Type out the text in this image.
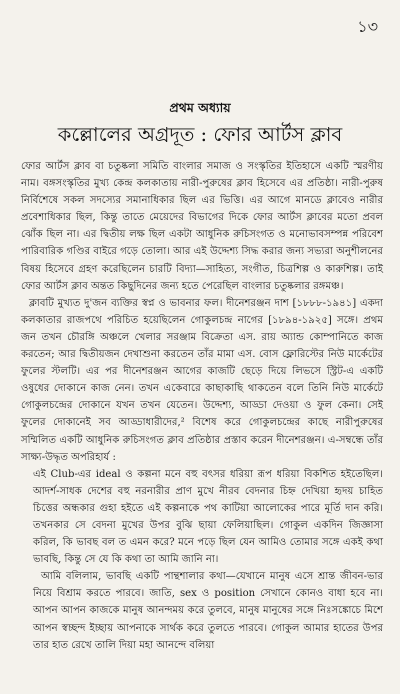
১৩
প্রথম অধ্যায়
কল্লোলের অগ্রদূত : ফোর আর্টস ক্লাব

ফোর আর্টস ক্লাব বা চতুষ্কলা সমিতি বাংলার সমাজ ও সংস্কৃতির ইতিহাসে একটি স্মরণীয় নাম। বঙ্গসংস্কৃতির মুখ্য কেন্দ্র কলকাতায় নারী-পুরুষের ক্লাব হিসেবে এর প্রতিষ্ঠা। নারী-পুরুষ নির্বিশেষে সকল সদস্যের সমানাধিকার ছিল এর ভিত্তি। এর আগে মানডে ক্লাবেও নারীর প্রবেশাধিকার ছিল, কিন্তু তাতে মেয়েদের বিভাগের দিকে ফোর আর্টস ক্লাবের মতো প্রবল ঝোঁক ছিল না। এর দ্বিতীয় লক্ষ ছিল একটা আধুনিক রুচিসংগত ও মনোভাবসম্পন্ন পরিবেশ পারিবারিক গণ্ডির বাইরে গড়ে তোলা। আর এই উদ্দেশ্য সিদ্ধ করার জন্য সভ্যরা অনুশীলনের বিষয় হিসেবে গ্রহণ করেছিলেন চারটি বিদ্যা—সাহিত্য, সংগীত, চিত্রশিল্প ও কারুশিল্প। তাই ফোর আর্টস ক্লাব অন্তত কিছুদিনের জন্য হতে পেরেছিল বাংলার চতুষ্কলার রঙ্গমঞ্চ।

ক্লাবটি মুখ্যত দু'জন ব্যক্তির স্বপ্ন ও ভাবনার ফল। দীনেশরঞ্জন দাশ [১৮৮৮-১৯৪১] একদা কলকাতার রাজপথে পরিচিত হয়েছিলেন গোকুলচন্দ্র নাগের [১৮৯৪-১৯২৫] সঙ্গে। প্রথম জন তখন চৌরঙ্গি অঞ্চলে খেলার সরঞ্জাম বিক্রেতা এস. রায় অ্যান্ড কোম্পানিতে কাজ করতেন; আর দ্বিতীয়জন দেখাশুনা করতেন তাঁর মামা এস. বোস ফ্লোরিস্টের নিউ মার্কেটের ফুলের স্টলটি। এর পর দীনেশরঞ্জন আগের কাজটি ছেড়ে দিয়ে লিভসে স্ট্রিট-এ একটি ওষুধের দোকানে কাজ নেন। তখন একেবারে কাছাকাছি থাকতেন বলে তিনি নিউ মার্কেটে গোকুলচন্দ্রের দোকানে যখন তখন যেতেন। উদ্দেশ্য, আড্ডা দেওয়া ও ফুল কেনা। সেই ফুলের দোকানেই সব আড্ডাধারীদের,² বিশেষ করে গোকুলচন্দ্রের কাছে নারীপুরুষের সম্মিলিত একটি আধুনিক রুচিসংগত ক্লাব প্রতিষ্ঠার প্রস্তাব করেন দীনেশরঞ্জন। এ-সম্বন্ধে তাঁর সাক্ষ্য-উদ্ধৃত অপরিহার্য :

এই Club-এর ideal ও কল্পনা মনে বহু বৎসর ধরিয়া রূপ ধরিয়া বিকশিত হইতেছিল। আদর্শ-সাধক দেশের বহু নরনারীর প্রাণ মুখে নীরব বেদনার চিহ্ন দেখিয়া হৃদয় চাহিত চিত্তের অন্ধকার গুহা হইতে এই কল্পনাকে পথ কাটিয়া আলোকের পারে মূর্তি দান করি। তখনকার সে বেদনা মুখের উপর বুঝি ছায়া ফেলিয়াছিল। গোকুল একদিন জিজ্ঞাসা করিল, কি ভাবছ বল ত এমন করে? মনে পড়ে ছিল যেন আমিও তোমার সঙ্গে একই কথা ভাবছি, কিন্তু সে যে কি কথা তা আমি জানি না।

আমি বলিলাম, ভাবছি একটি পান্থশালার কথা—যেখানে মানুষ এসে শ্রান্ত জীবন-ভার নিয়ে বিশ্রাম করতে পারবে। জাতি, sex ও position সেখানে কোনও বাধা হবে না। আপন আপন কাজকে মানুষ আনন্দময় করে তুলবে, মানুষ মানুষের সঙ্গে নিঃসঙ্কোচে মিশে আপন স্বচ্ছন্দ ইচ্ছায় আপনাকে সার্থক করে তুলতে পারবে। গোকুল আমার হাতের উপর তার হাত রেখে তালি দিয়া মহা আনন্দে বলিয়া
